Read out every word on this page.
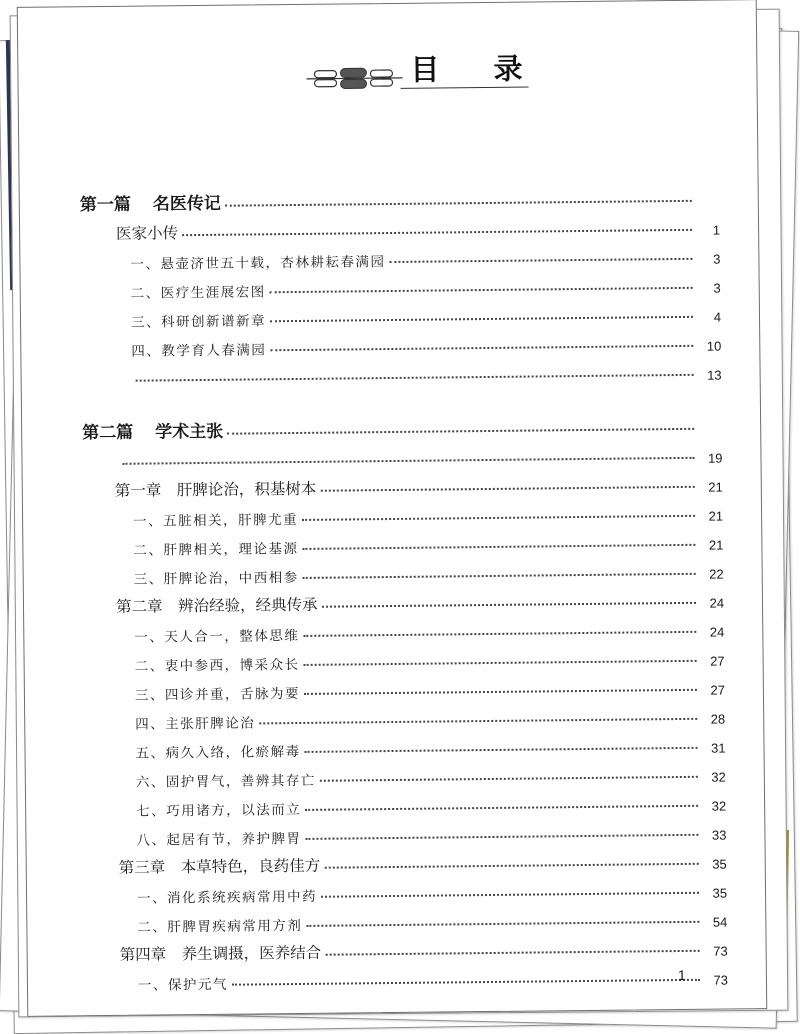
目 录
第一篇 名医传记
医家小传	1
一、悬壶济世五十载，杏林耕耘春满园	3
二、医疗生涯展宏图	3
三、科研创新谱新章	4
四、教学育人春满园	10
13
第二篇 学术主张
19
第一章　肝脾论治，积基树本	21
一、五脏相关，肝脾尤重	21
二、肝脾相关，理论基源	21
三、肝脾论治，中西相参	22
第二章　辨治经验，经典传承	24
一、天人合一，整体思维	24
二、衷中参西，博采众长	27
三、四诊并重，舌脉为要	27
四、主张肝脾论治	28
五、病久入络，化瘀解毒	31
六、固护胃气，善辨其存亡	32
七、巧用诸方，以法而立	32
八、起居有节，养护脾胃	33
第三章　本草特色，良药佳方	35
一、消化系统疾病常用中药	35
二、肝脾胃疾病常用方剂	54
第四章　养生调摄，医养结合	73
一、保护元气	73
1
